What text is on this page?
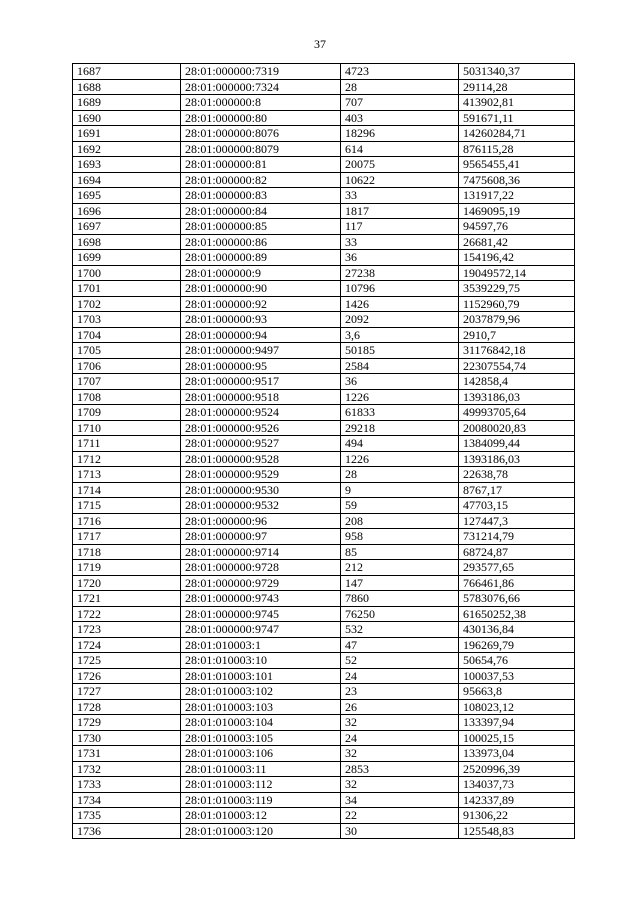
37
1687	28:01:000000:7319	4723	5031340,37
1688	28:01:000000:7324	28	29114,28
1689	28:01:000000:8	707	413902,81
1690	28:01:000000:80	403	591671,11
1691	28:01:000000:8076	18296	14260284,71
1692	28:01:000000:8079	614	876115,28
1693	28:01:000000:81	20075	9565455,41
1694	28:01:000000:82	10622	7475608,36
1695	28:01:000000:83	33	131917,22
1696	28:01:000000:84	1817	1469095,19
1697	28:01:000000:85	117	94597,76
1698	28:01:000000:86	33	26681,42
1699	28:01:000000:89	36	154196,42
1700	28:01:000000:9	27238	19049572,14
1701	28:01:000000:90	10796	3539229,75
1702	28:01:000000:92	1426	1152960,79
1703	28:01:000000:93	2092	2037879,96
1704	28:01:000000:94	3,6	2910,7
1705	28:01:000000:9497	50185	31176842,18
1706	28:01:000000:95	2584	22307554,74
1707	28:01:000000:9517	36	142858,4
1708	28:01:000000:9518	1226	1393186,03
1709	28:01:000000:9524	61833	49993705,64
1710	28:01:000000:9526	29218	20080020,83
1711	28:01:000000:9527	494	1384099,44
1712	28:01:000000:9528	1226	1393186,03
1713	28:01:000000:9529	28	22638,78
1714	28:01:000000:9530	9	8767,17
1715	28:01:000000:9532	59	47703,15
1716	28:01:000000:96	208	127447,3
1717	28:01:000000:97	958	731214,79
1718	28:01:000000:9714	85	68724,87
1719	28:01:000000:9728	212	293577,65
1720	28:01:000000:9729	147	766461,86
1721	28:01:000000:9743	7860	5783076,66
1722	28:01:000000:9745	76250	61650252,38
1723	28:01:000000:9747	532	430136,84
1724	28:01:010003:1	47	196269,79
1725	28:01:010003:10	52	50654,76
1726	28:01:010003:101	24	100037,53
1727	28:01:010003:102	23	95663,8
1728	28:01:010003:103	26	108023,12
1729	28:01:010003:104	32	133397,94
1730	28:01:010003:105	24	100025,15
1731	28:01:010003:106	32	133973,04
1732	28:01:010003:11	2853	2520996,39
1733	28:01:010003:112	32	134037,73
1734	28:01:010003:119	34	142337,89
1735	28:01:010003:12	22	91306,22
1736	28:01:010003:120	30	125548,83
